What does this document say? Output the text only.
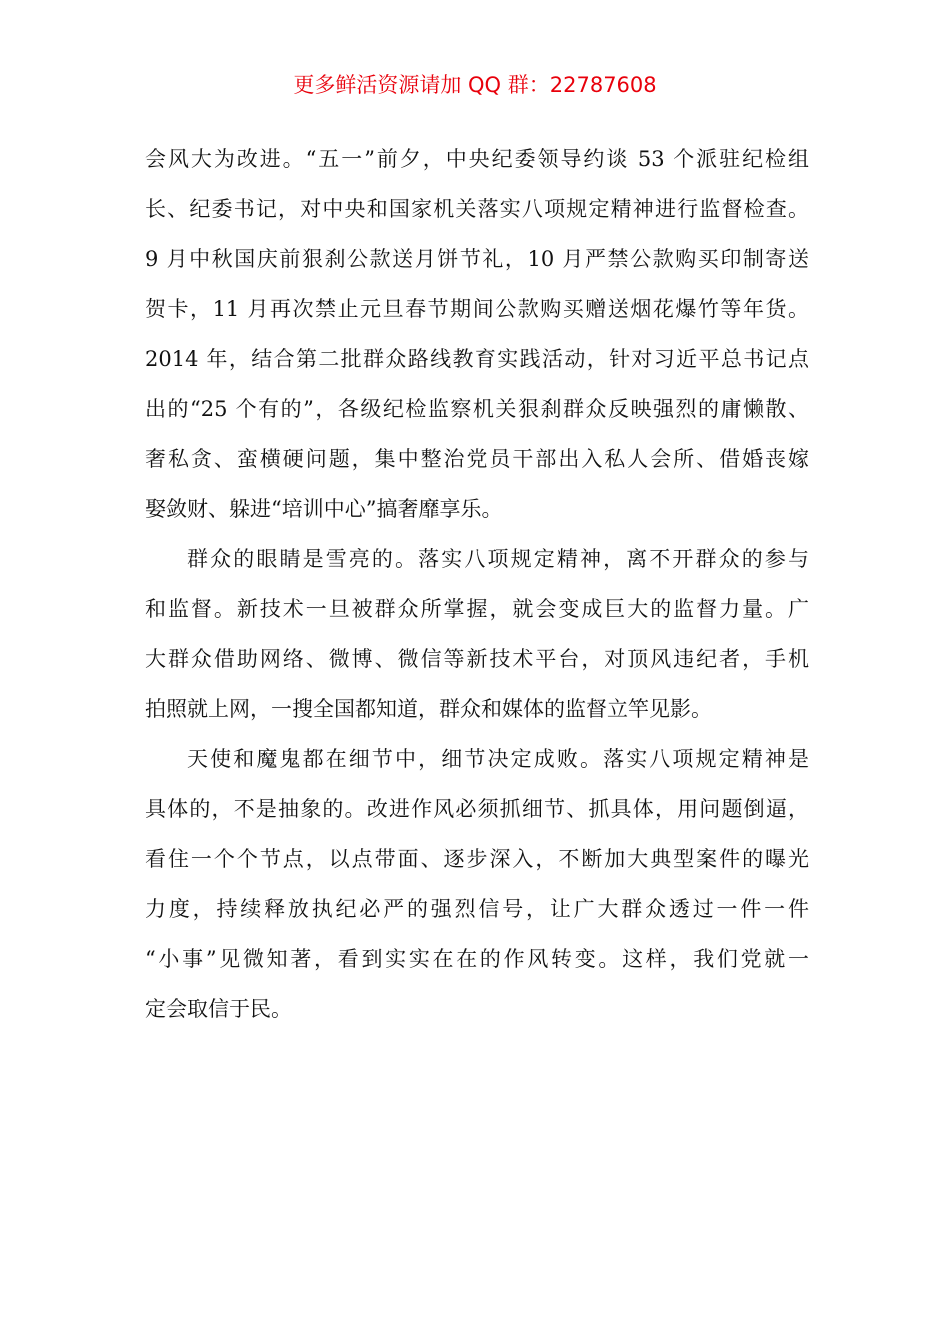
更多鲜活资源请加 QQ 群：22787608
会风大为改进。“五一”前夕，中央纪委领导约谈 53 个派驻纪检组
长、纪委书记，对中央和国家机关落实八项规定精神进行监督检查。
9 月中秋国庆前狠刹公款送月饼节礼，10 月严禁公款购买印制寄送
贺卡，11 月再次禁止元旦春节期间公款购买赠送烟花爆竹等年货。
2014 年，结合第二批群众路线教育实践活动，针对习近平总书记点
出的“25 个有的”，各级纪检监察机关狠刹群众反映强烈的庸懒散、
奢私贪、蛮横硬问题，集中整治党员干部出入私人会所、借婚丧嫁
娶敛财、躲进“培训中心”搞奢靡享乐。
群众的眼睛是雪亮的。落实八项规定精神，离不开群众的参与
和监督。新技术一旦被群众所掌握，就会变成巨大的监督力量。广
大群众借助网络、微博、微信等新技术平台，对顶风违纪者，手机
拍照就上网，一搜全国都知道，群众和媒体的监督立竿见影。
天使和魔鬼都在细节中，细节决定成败。落实八项规定精神是
具体的，不是抽象的。改进作风必须抓细节、抓具体，用问题倒逼，
看住一个个节点，以点带面、逐步深入，不断加大典型案件的曝光
力度，持续释放执纪必严的强烈信号，让广大群众透过一件一件
“小事”见微知著，看到实实在在的作风转变。这样，我们党就一
定会取信于民。
